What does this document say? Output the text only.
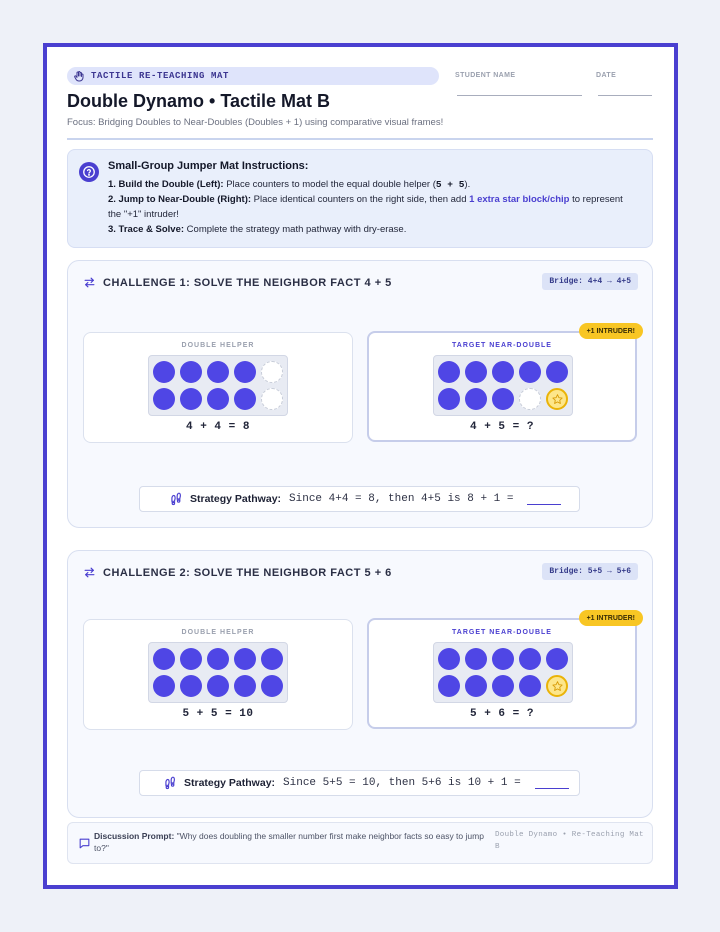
TACTILE RE-TEACHING MAT
Double Dynamo • Tactile Mat B
Focus: Bridging Doubles to Near-Doubles (Doubles + 1) using comparative visual frames!
STUDENT NAME	DATE
Small-Group Jumper Mat Instructions:
1. Build the Double (Left): Place counters to model the equal double helper (5 + 5).
2. Jump to Near-Double (Right): Place identical counters on the right side, then add 1 extra star block/chip to represent the "+1" intruder!
3. Trace & Solve: Complete the strategy math pathway with dry-erase.
CHALLENGE 1: SOLVE THE NEIGHBOR FACT 4 + 5	Bridge: 4+4 → 4+5
DOUBLE HELPER
4 + 4 = 8
+1 INTRUDER!
TARGET NEAR-DOUBLE
4 + 5 = ?
Strategy Pathway: Since 4+4 = 8, then 4+5 is 8 + 1 =
CHALLENGE 2: SOLVE THE NEIGHBOR FACT 5 + 6	Bridge: 5+5 → 5+6
DOUBLE HELPER
5 + 5 = 10
+1 INTRUDER!
TARGET NEAR-DOUBLE
5 + 6 = ?
Strategy Pathway: Since 5+5 = 10, then 5+6 is 10 + 1 =
Discussion Prompt: "Why does doubling the smaller number first make neighbor facts so easy to jump to?"
Double Dynamo • Re-Teaching Mat B
